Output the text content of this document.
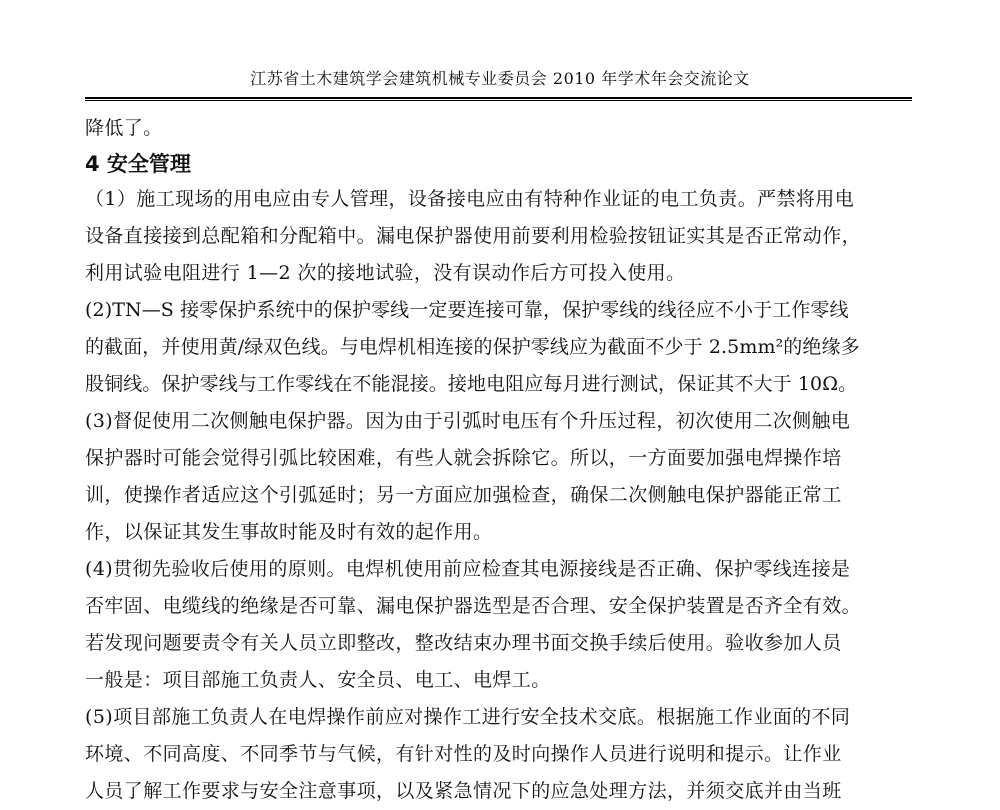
江苏省土木建筑学会建筑机械专业委员会 2010 年学术年会交流论文
降低了。
4 安全管理
（1）施工现场的用电应由专人管理，设备接电应由有特种作业证的电工负责。严禁将用电
设备直接接到总配箱和分配箱中。漏电保护器使用前要利用检验按钮证实其是否正常动作，
利用试验电阻进行 1—2 次的接地试验，没有误动作后方可投入使用。
(2)TN—S 接零保护系统中的保护零线一定要连接可靠，保护零线的线径应不小于工作零线
的截面，并使用黄/绿双色线。与电焊机相连接的保护零线应为截面不少于 2.5mm²的绝缘多
股铜线。保护零线与工作零线在不能混接。接地电阻应每月进行测试，保证其不大于 10Ω。
(3)督促使用二次侧触电保护器。因为由于引弧时电压有个升压过程，初次使用二次侧触电
保护器时可能会觉得引弧比较困难，有些人就会拆除它。所以，一方面要加强电焊操作培
训，使操作者适应这个引弧延时；另一方面应加强检查，确保二次侧触电保护器能正常工
作，以保证其发生事故时能及时有效的起作用。
(4)贯彻先验收后使用的原则。电焊机使用前应检查其电源接线是否正确、保护零线连接是
否牢固、电缆线的绝缘是否可靠、漏电保护器选型是否合理、安全保护装置是否齐全有效。
若发现问题要责令有关人员立即整改，整改结束办理书面交换手续后使用。验收参加人员
一般是：项目部施工负责人、安全员、电工、电焊工。
(5)项目部施工负责人在电焊操作前应对操作工进行安全技术交底。根据施工作业面的不同
环境、不同高度、不同季节与气候，有针对性的及时向操作人员进行说明和提示。让作业
人员了解工作要求与安全注意事项，以及紧急情况下的应急处理方法，并须交底并由当班
